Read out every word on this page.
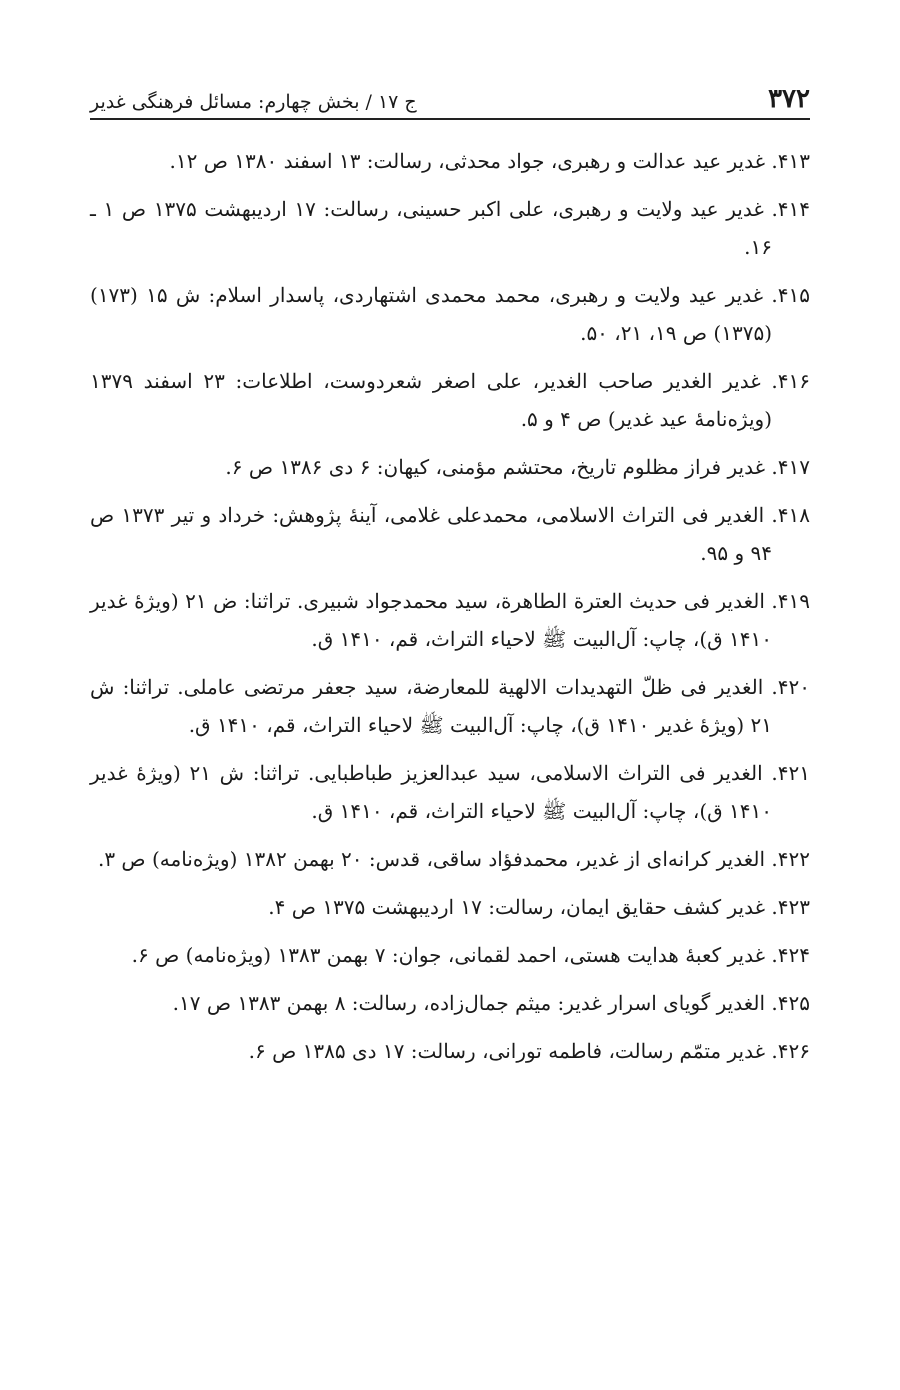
۳۷۲
ج ۱۷ / بخش چهارم: مسائل فرهنگی غدیر

۴۱۳. غدیر عید عدالت و رهبری، جواد محدثی، رسالت: ۱۳ اسفند ۱۳۸۰ ص ۱۲.

۴۱۴. غدیر عید ولایت و رهبری، علی اکبر حسینی، رسالت: ۱۷ اردیبهشت ۱۳۷۵ ص ۱ ـ ۱۶.

۴۱۵. غدیر عید ولایت و رهبری، محمد محمدی اشتهاردی، پاسدار اسلام: ش ۱۵ (۱۷۳) (۱۳۷۵) ص ۱۹، ۲۱، ۵۰.

۴۱۶. غدیر الغدیر صاحب الغدیر، علی اصغر شعردوست، اطلاعات: ۲۳ اسفند ۱۳۷۹ (ویژه‌نامهٔ عید غدیر) ص ۴ و ۵.

۴۱۷. غدیر فراز مظلوم تاریخ، محتشم مؤمنی، کیهان: ۶ دی ۱۳۸۶ ص ۶.

۴۱۸. الغدیر فی التراث الاسلامی، محمدعلی غلامی، آینهٔ پژوهش: خرداد و تیر ۱۳۷۳ ص ۹۴ و ۹۵.

۴۱۹. الغدیر فی حدیث العترة الطاهرة، سید محمدجواد شبیری. تراثنا: ض ۲۱ (ویژهٔ غدیر ۱۴۱۰ ق)، چاپ: آل‌البیت ﷺ لاحیاء التراث، قم، ۱۴۱۰ ق.

۴۲۰. الغدیر فی ظلّ التهدیدات الالهیة للمعارضة، سید جعفر مرتضی عاملی. تراثنا: ش ۲۱ (ویژهٔ غدیر ۱۴۱۰ ق)، چاپ: آل‌البیت ﷺ لاحیاء التراث، قم، ۱۴۱۰ ق.

۴۲۱. الغدیر فی التراث الاسلامی، سید عبدالعزیز طباطبایی. تراثنا: ش ۲۱ (ویژهٔ غدیر ۱۴۱۰ ق)، چاپ: آل‌البیت ﷺ لاحیاء التراث، قم، ۱۴۱۰ ق.

۴۲۲. الغدیر کرانه‌ای از غدیر، محمدفؤاد ساقی، قدس: ۲۰ بهمن ۱۳۸۲ (ویژه‌نامه) ص ۳.

۴۲۳. غدیر کشف حقایق ایمان، رسالت: ۱۷ اردیبهشت ۱۳۷۵ ص ۴.

۴۲۴. غدیر کعبهٔ هدایت هستی، احمد لقمانی، جوان: ۷ بهمن ۱۳۸۳ (ویژه‌نامه) ص ۶.

۴۲۵. الغدیر گویای اسرار غدیر: میثم جمال‌زاده، رسالت: ۸ بهمن ۱۳۸۳ ص ۱۷.

۴۲۶. غدیر متمّم رسالت، فاطمه تورانی، رسالت: ۱۷ دی ۱۳۸۵ ص ۶.
